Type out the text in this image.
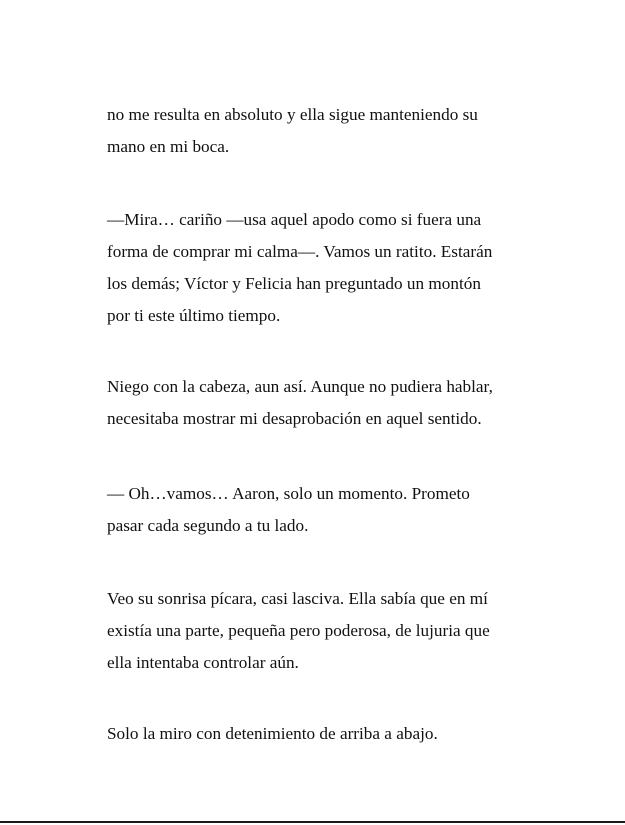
no me resulta en absoluto y ella sigue manteniendo su
mano en mi boca.
—Mira… cariño —usa aquel apodo como si fuera una
forma de comprar mi calma—. Vamos un ratito. Estarán
los demás; Víctor y Felicia han preguntado un montón
por ti este último tiempo.
Niego con la cabeza, aun así. Aunque no pudiera hablar,
necesitaba mostrar mi desaprobación en aquel sentido.
— Oh…vamos… Aaron, solo un momento. Prometo
pasar cada segundo a tu lado.
Veo su sonrisa pícara, casi lasciva. Ella sabía que en mí
existía una parte, pequeña pero poderosa, de lujuria que
ella intentaba controlar aún.
Solo la miro con detenimiento de arriba a abajo.
